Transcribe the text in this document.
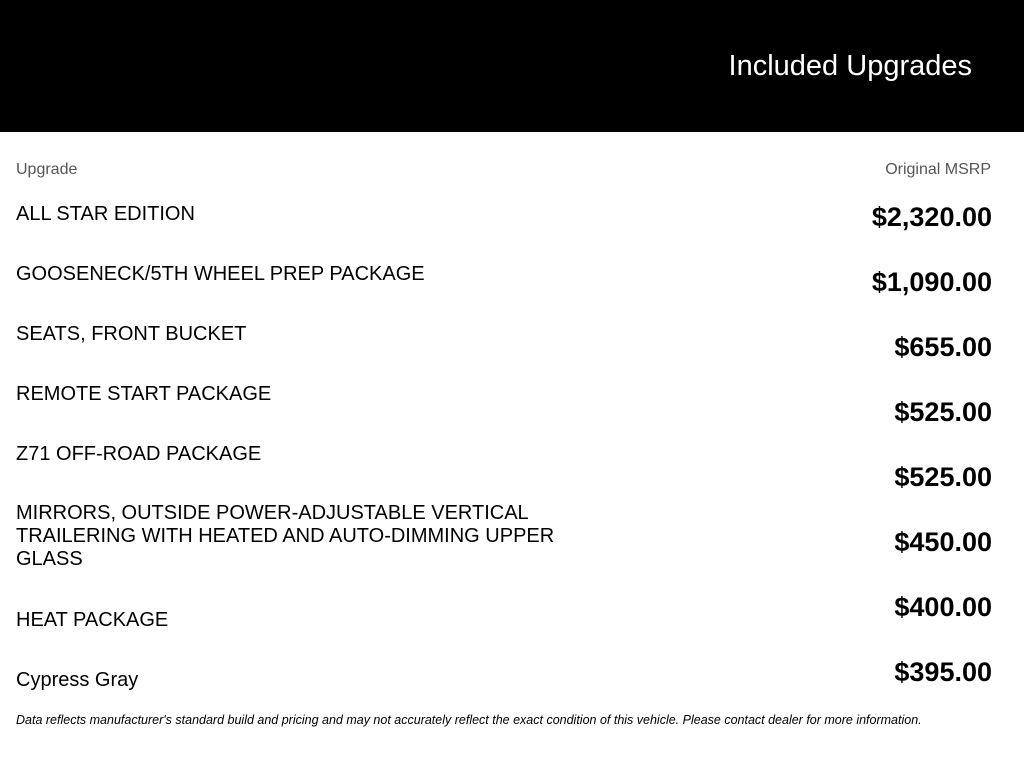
Included Upgrades
Upgrade	Original MSRP
ALL STAR EDITION
GOOSENECK/5TH WHEEL PREP PACKAGE
SEATS, FRONT BUCKET
REMOTE START PACKAGE
Z71 OFF-ROAD PACKAGE
MIRRORS, OUTSIDE POWER-ADJUSTABLE VERTICAL TRAILERING WITH HEATED AND AUTO-DIMMING UPPER GLASS
HEAT PACKAGE
Cypress Gray
$2,320.00
$1,090.00
$655.00
$525.00
$525.00
$450.00
$400.00
$395.00
Data reflects manufacturer's standard build and pricing and may not accurately reflect the exact condition of this vehicle. Please contact dealer for more information.
